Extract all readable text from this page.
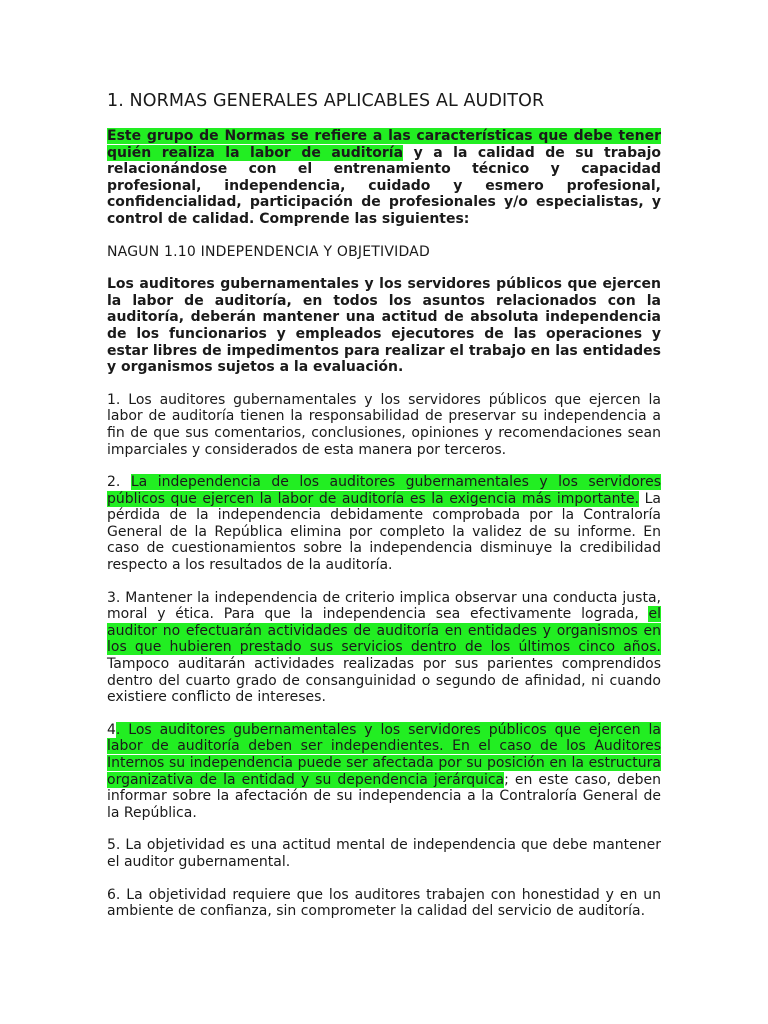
1. NORMAS GENERALES APLICABLES AL AUDITOR

Este grupo de Normas se refiere a las características que debe tener quién realiza la labor de auditoría y a la calidad de su trabajo relacionándose con el entrenamiento técnico y capacidad profesional, independencia, cuidado y esmero profesional, confidencialidad, participación de profesionales y/o especialistas, y control de calidad. Comprende las siguientes:

NAGUN 1.10 INDEPENDENCIA Y OBJETIVIDAD

Los auditores gubernamentales y los servidores públicos que ejercen la labor de auditoría, en todos los asuntos relacionados con la auditoría, deberán mantener una actitud de absoluta independencia de los funcionarios y empleados ejecutores de las operaciones y estar libres de impedimentos para realizar el trabajo en las entidades y organismos sujetos a la evaluación.

1. Los auditores gubernamentales y los servidores públicos que ejercen la labor de auditoría tienen la responsabilidad de preservar su independencia a fin de que sus comentarios, conclusiones, opiniones y recomendaciones sean imparciales y considerados de esta manera por terceros.

2. La independencia de los auditores gubernamentales y los servidores públicos que ejercen la labor de auditoría es la exigencia más importante. La pérdida de la independencia debidamente comprobada por la Contraloría General de la República elimina por completo la validez de su informe. En caso de cuestionamientos sobre la independencia disminuye la credibilidad respecto a los resultados de la auditoría.

3. Mantener la independencia de criterio implica observar una conducta justa, moral y ética. Para que la independencia sea efectivamente lograda, el auditor no efectuarán actividades de auditoría en entidades y organismos en los que hubieren prestado sus servicios dentro de los últimos cinco años. Tampoco auditarán actividades realizadas por sus parientes comprendidos dentro del cuarto grado de consanguinidad o segundo de afinidad, ni cuando existiere conflicto de intereses.

4. Los auditores gubernamentales y los servidores públicos que ejercen la labor de auditoría deben ser independientes. En el caso de los Auditores Internos su independencia puede ser afectada por su posición en la estructura organizativa de la entidad y su dependencia jerárquica; en este caso, deben informar sobre la afectación de su independencia a la Contraloría General de la República.

5. La objetividad es una actitud mental de independencia que debe mantener el auditor gubernamental.

6. La objetividad requiere que los auditores trabajen con honestidad y en un ambiente de confianza, sin comprometer la calidad del servicio de auditoría.
